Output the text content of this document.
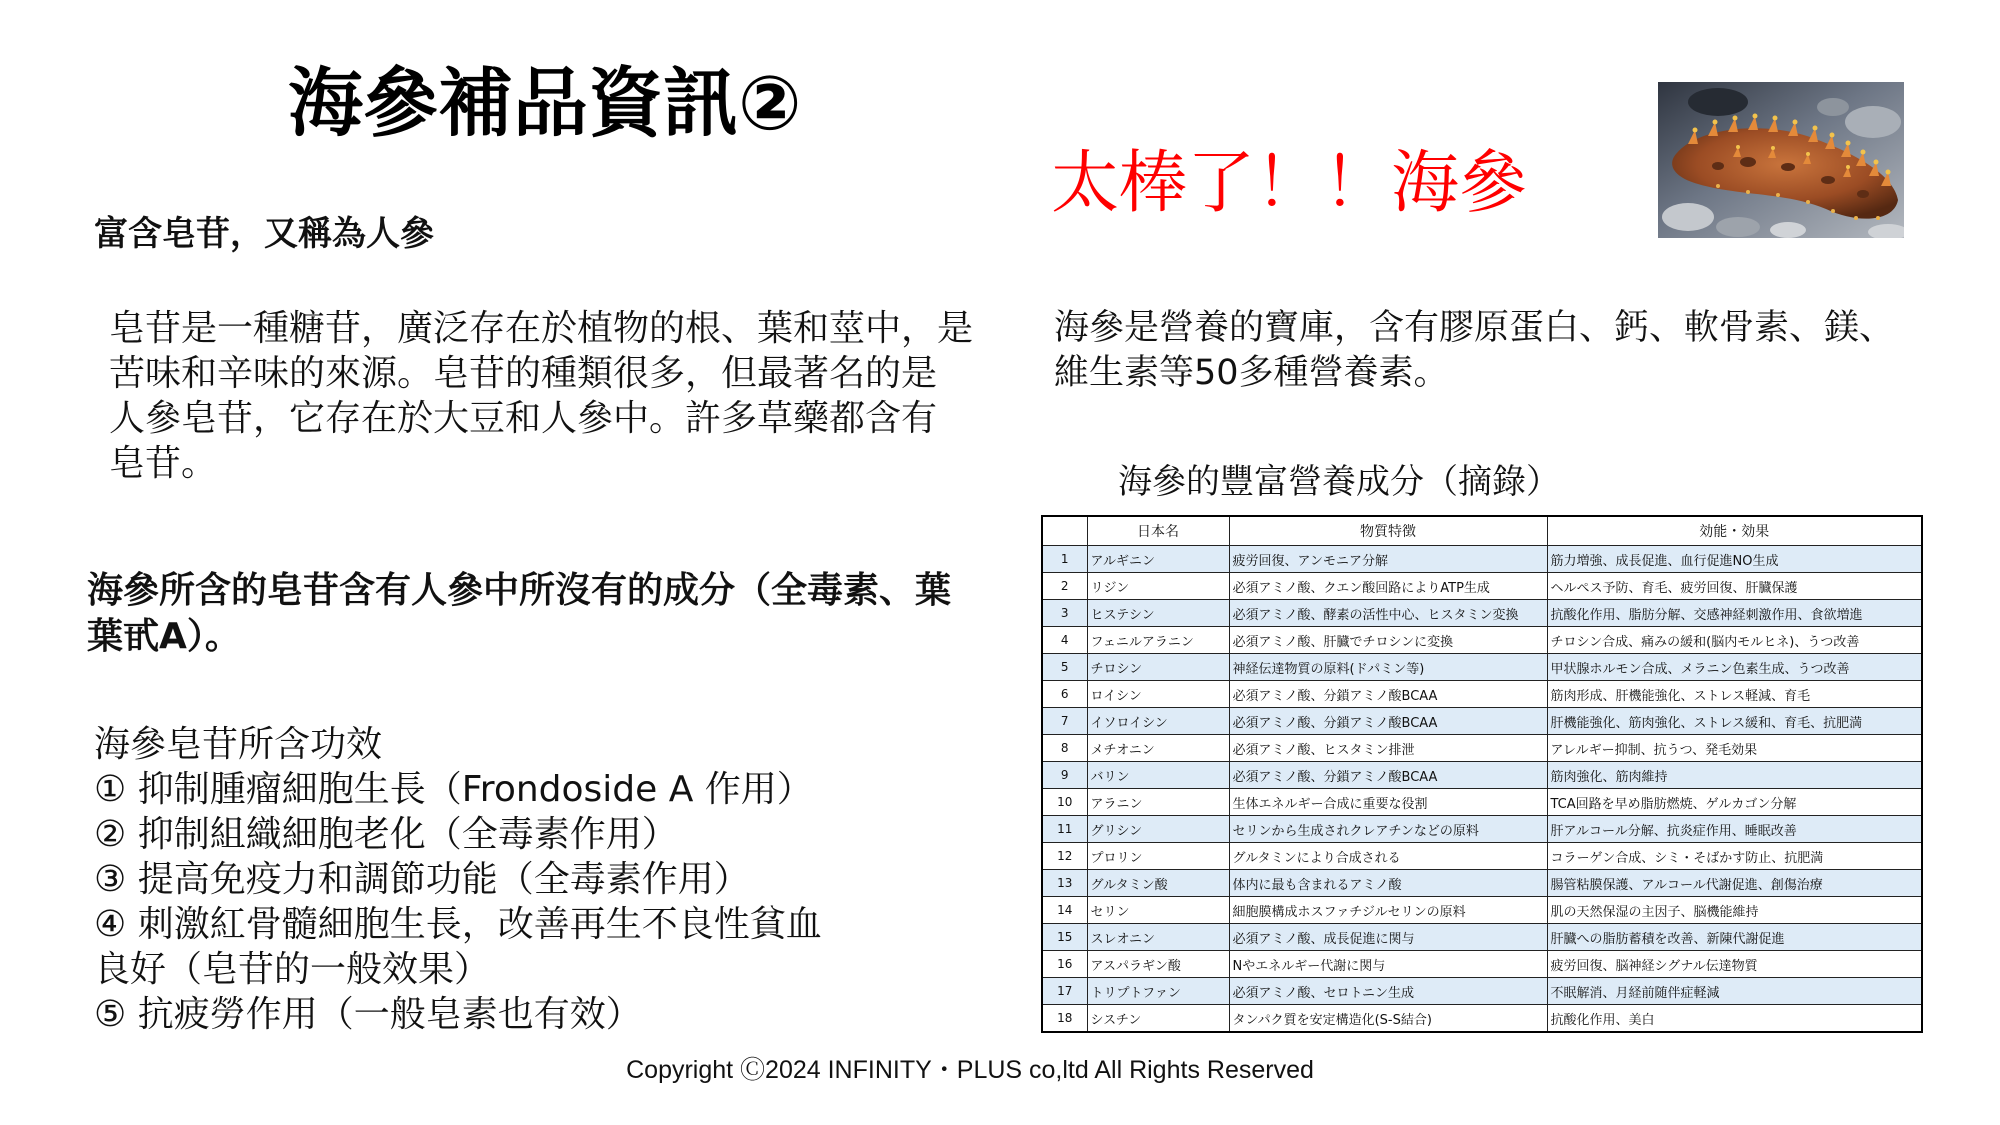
海參補品資訊②
太棒了！！海參
富含皂苷，又稱為人參
皂苷是一種糖苷，廣泛存在於植物的根、葉和莖中，是
苦味和辛味的來源。皂苷的種類很多，但最著名的是
人參皂苷，它存在於大豆和人參中。許多草藥都含有
皂苷。
海參所含的皂苷含有人參中所沒有的成分（全毒素、葉
葉甙A）。
海參皂苷所含功效
① 抑制腫瘤細胞生長（Frondoside A 作用）
② 抑制組織細胞老化（全毒素作用）
③ 提高免疫力和調節功能（全毒素作用）
④ 刺激紅骨髓細胞生長，改善再生不良性貧血
良好（皂苷的一般效果）
⑤ 抗疲勞作用（一般皂素也有效）
海參是營養的寶庫，含有膠原蛋白、鈣、軟骨素、鎂、
維生素等50多種營養素。
海參的豐富營養成分（摘錄）
	日本名	物質特徴	効能・効果
1	アルギニン	疲労回復、アンモニア分解	筋力増強、成長促進、血行促進NO生成
2	リジン	必須アミノ酸、クエン酸回路によりATP生成	ヘルペス予防、育毛、疲労回復、肝臓保護
3	ヒステシン	必須アミノ酸、酵素の活性中心、ヒスタミン変換	抗酸化作用、脂肪分解、交感神経刺激作用、食欲増進
4	フェニルアラニン	必須アミノ酸、肝臓でチロシンに変換	チロシン合成、痛みの緩和(脳内モルヒネ)、うつ改善
5	チロシン	神経伝達物質の原料(ドパミン等)	甲状腺ホルモン合成、メラニン色素生成、うつ改善
6	ロイシン	必須アミノ酸、分鎖アミノ酸BCAA	筋肉形成、肝機能強化、ストレス軽減、育毛
7	イソロイシン	必須アミノ酸、分鎖アミノ酸BCAA	肝機能強化、筋肉強化、ストレス緩和、育毛、抗肥満
8	メチオニン	必須アミノ酸、ヒスタミン排泄	アレルギー抑制、抗うつ、発毛効果
9	バリン	必須アミノ酸、分鎖アミノ酸BCAA	筋肉強化、筋肉維持
10	アラニン	生体エネルギー合成に重要な役割	TCA回路を早め脂肪燃焼、ゲルカゴン分解
11	グリシン	セリンから生成されクレアチンなどの原料	肝アルコール分解、抗炎症作用、睡眠改善
12	プロリン	グルタミンにより合成される	コラーゲン合成、シミ・そばかす防止、抗肥満
13	グルタミン酸	体内に最も含まれるアミノ酸	腸管粘膜保護、アルコール代謝促進、創傷治療
14	セリン	細胞膜構成ホスファチジルセリンの原料	肌の天然保湿の主因子、脳機能維持
15	スレオニン	必須アミノ酸、成長促進に関与	肝臓への脂肪蓄積を改善、新陳代謝促進
16	アスパラギン酸	Nやエネルギー代謝に関与	疲労回復、脳神経シグナル伝達物質
17	トリプトファン	必須アミノ酸、セロトニン生成	不眠解消、月経前随伴症軽減
18	シスチン	タンパク質を安定構造化(S-S結合)	抗酸化作用、美白
Copyright Ⓒ2024 INFINITY・PLUS co,ltd All Rights Reserved
